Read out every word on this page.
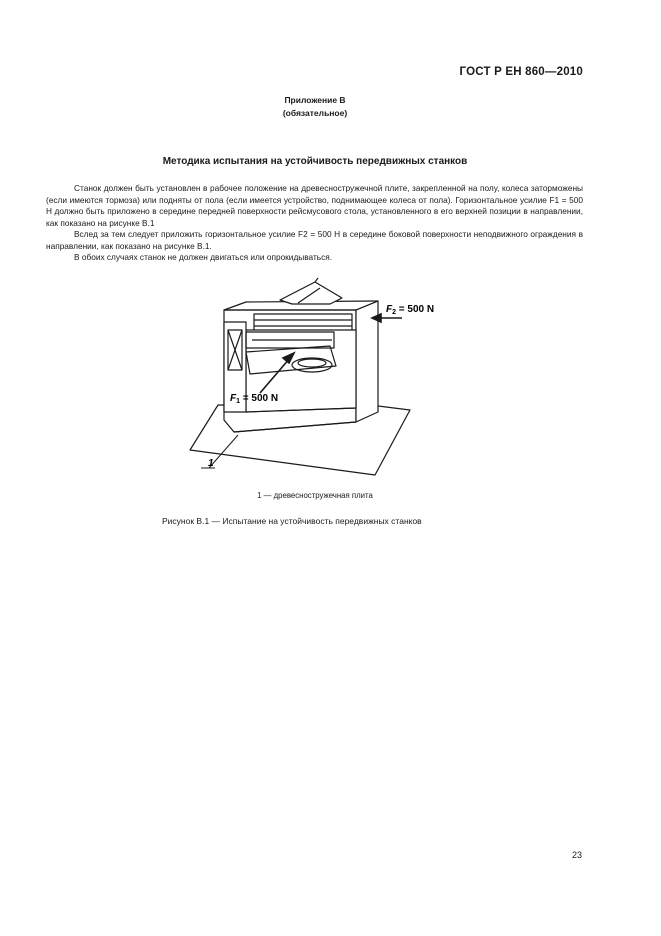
ГОСТ Р ЕН 860—2010
Приложение В
(обязательное)
Методика испытания на устойчивость передвижных станков

Станок должен быть установлен в рабочее положение на древесностружечной плите, закрепленной на полу, колеса заторможены (если имеются тормоза) или подняты от пола (если имеется устройство, поднимающее колеса от пола). Горизонтальное усилие F1 = 500 Н должно быть приложено в середине передней поверхности рейсмусового стола, установленного в его верхней позиции в направлении, как показано на рисунке В.1

Вслед за тем следует приложить горизонтальное усилие F2 = 500 Н в середине боковой поверхности неподвижного ограждения в направлении, как показано на рисунке В.1.

В обоих случаях станок не должен двигаться или опрокидываться.

$F_1 = 500$ N
$F_2 = 500$ N
1
1 — древесностружечная плита
Рисунок В.1 — Испытание на устойчивость передвижных станков
23
